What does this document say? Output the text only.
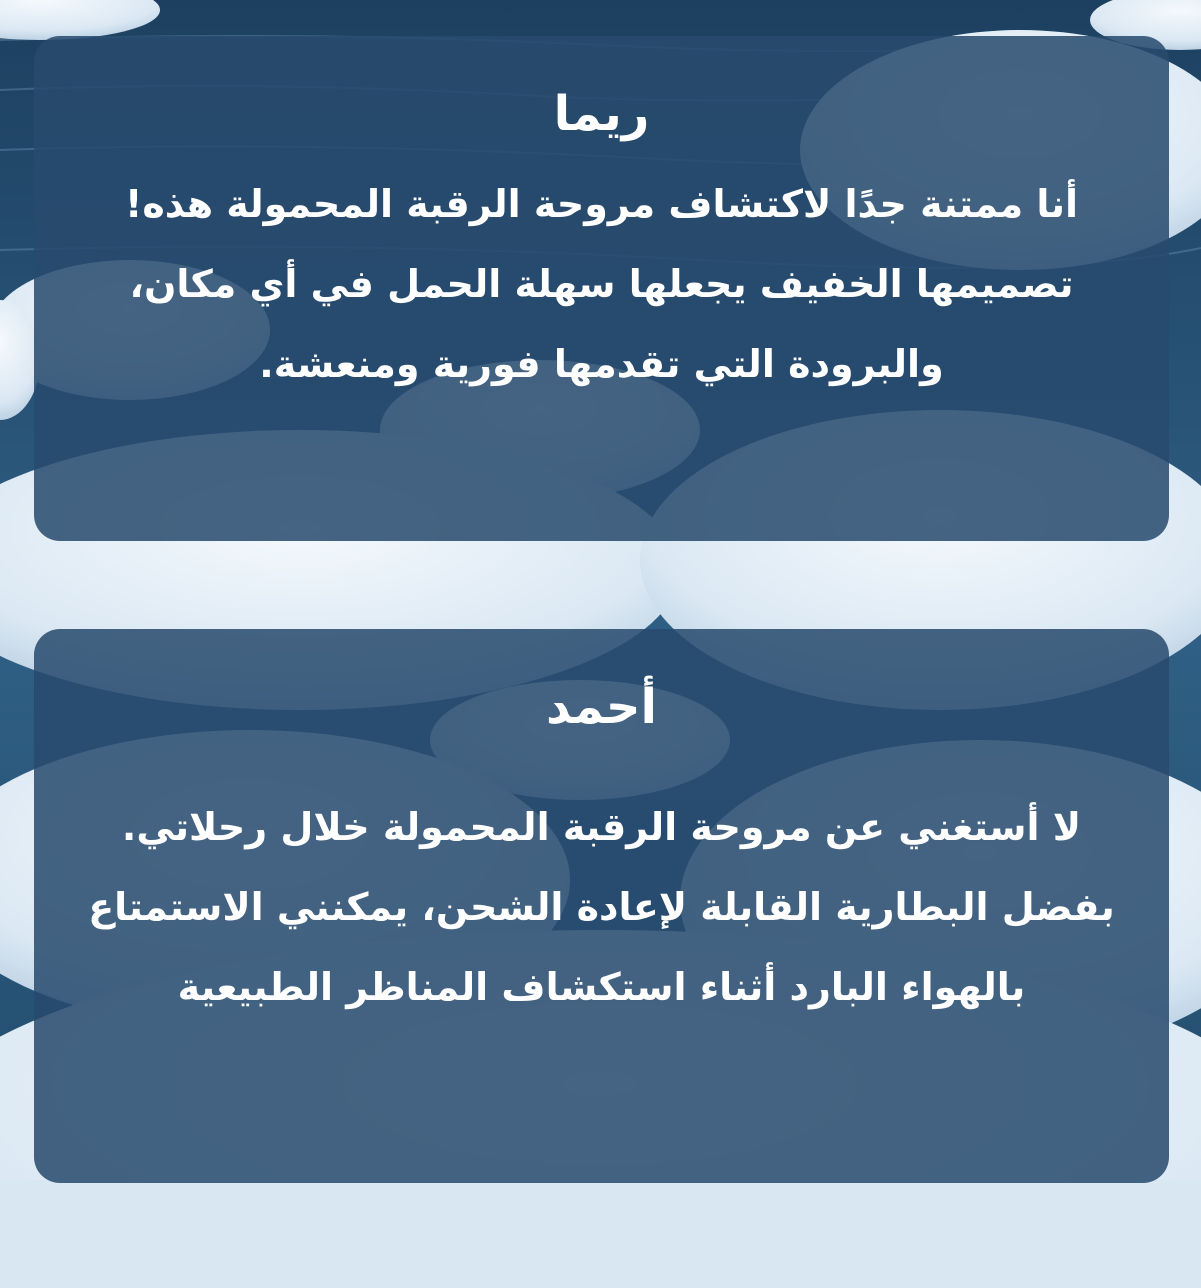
ريما

أنا ممتنة جدًا لاكتشاف مروحة الرقبة المحمولة هذه! تصميمها الخفيف يجعلها سهلة الحمل في أي مكان، والبرودة التي تقدمها فورية ومنعشة.

أحمد

لا أستغني عن مروحة الرقبة المحمولة خلال رحلاتي. بفضل البطارية القابلة لإعادة الشحن، يمكنني الاستمتاع بالهواء البارد أثناء استكشاف المناظر الطبيعية
